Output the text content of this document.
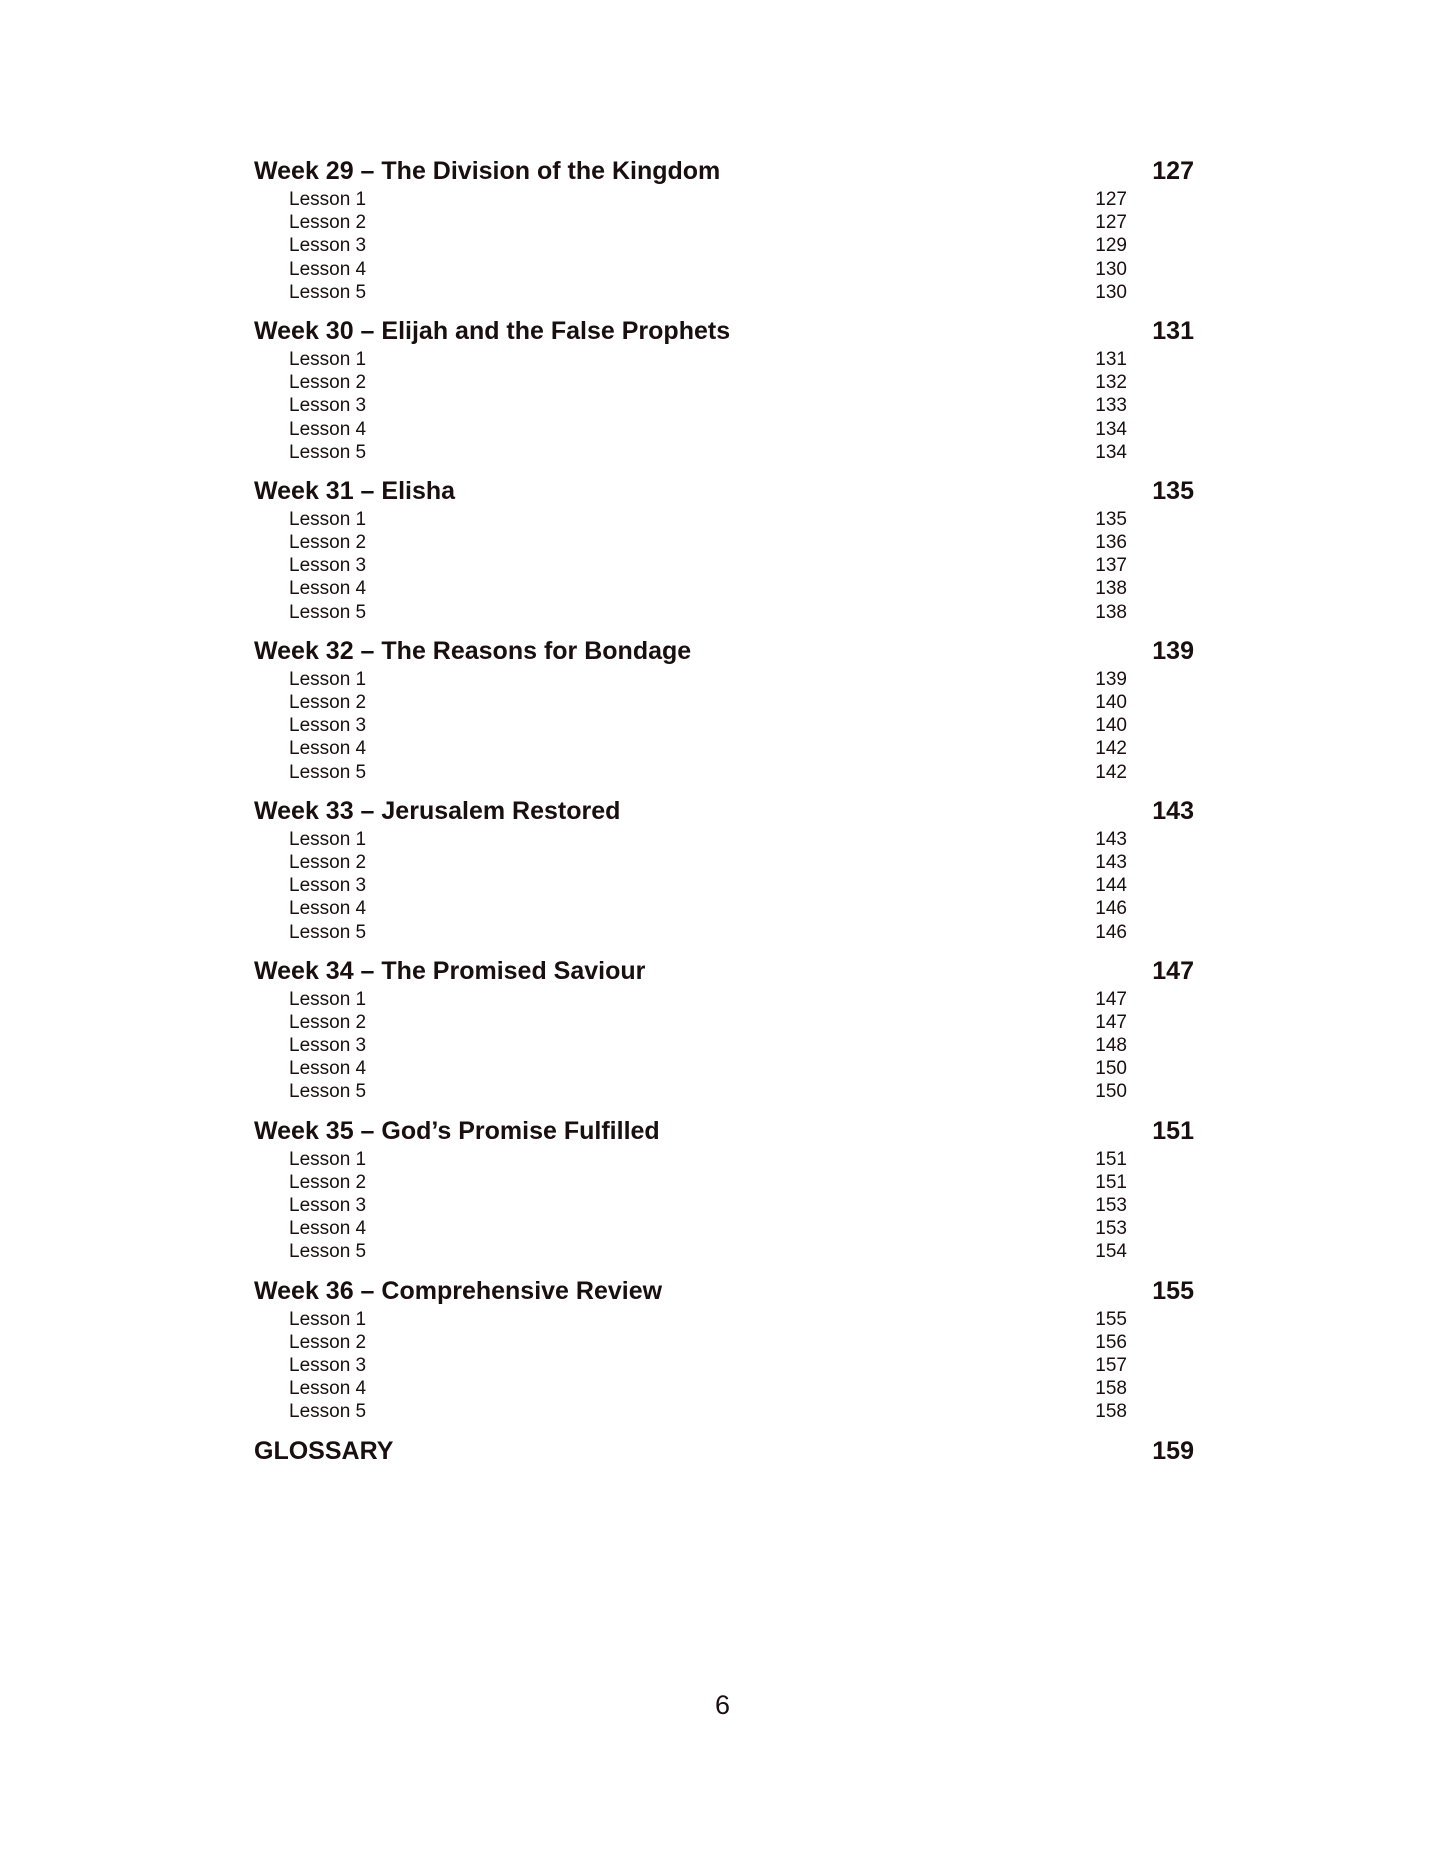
Week 29 – The Division of the Kingdom	127
Lesson 1	127
Lesson 2	127
Lesson 3	129
Lesson 4	130
Lesson 5	130
Week 30 – Elijah and the False Prophets	131
Lesson 1	131
Lesson 2	132
Lesson 3	133
Lesson 4	134
Lesson 5	134
Week 31 – Elisha	135
Lesson 1	135
Lesson 2	136
Lesson 3	137
Lesson 4	138
Lesson 5	138
Week 32 – The Reasons for Bondage	139
Lesson 1	139
Lesson 2	140
Lesson 3	140
Lesson 4	142
Lesson 5	142
Week 33 – Jerusalem Restored	143
Lesson 1	143
Lesson 2	143
Lesson 3	144
Lesson 4	146
Lesson 5	146
Week 34 – The Promised Saviour	147
Lesson 1	147
Lesson 2	147
Lesson 3	148
Lesson 4	150
Lesson 5	150
Week 35 – God’s Promise Fulfilled	151
Lesson 1	151
Lesson 2	151
Lesson 3	153
Lesson 4	153
Lesson 5	154
Week 36 – Comprehensive Review	155
Lesson 1	155
Lesson 2	156
Lesson 3	157
Lesson 4	158
Lesson 5	158
GLOSSARY	159
6
